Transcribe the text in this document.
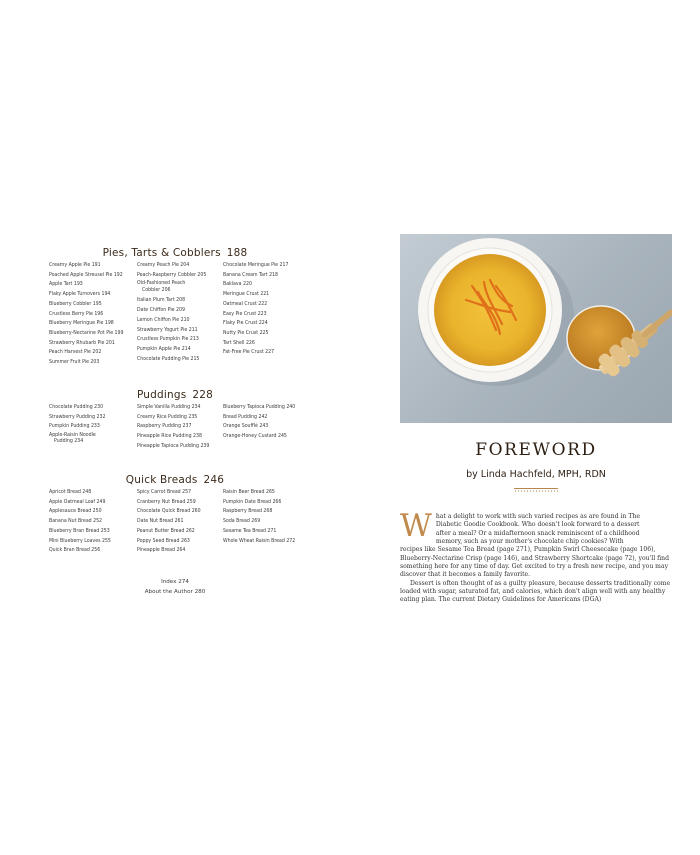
Pies, Tarts & Cobblers 188
Creamy Apple Pie 191
Poached Apple Streusel Pie 192
Apple Tart 193
Flaky Apple Turnovers 194
Blueberry Cobbler 195
Crustless Berry Pie 196
Blueberry Meringue Pie 198
Blueberry-Nectarine Pot Pie 199
Strawberry Rhubarb Pie 201
Peach Harvest Pie 202
Summer Fruit Pie 203
Creamy Peach Pie 204
Peach-Raspberry Cobbler 205
Old-Fashioned Peach
Cobbler 206
Italian Plum Tart 208
Date Chiffon Pie 209
Lemon Chiffon Pie 210
Strawberry Yogurt Pie 211
Crustless Pumpkin Pie 213
Pumpkin Apple Pie 214
Chocolate Pudding Pie 215
Chocolate Meringue Pie 217
Banana Cream Tart 218
Baklava 220
Meringue Crust 221
Oatmeal Crust 222
Easy Pie Crust 223
Flaky Pie Crust 224
Nutty Pie Crust 225
Tart Shell 226
Fat-Free Pie Crust 227
Puddings 228
Chocolate Pudding 230
Strawberry Pudding 232
Pumpkin Pudding 233
Apple-Raisin Noodle
Pudding 234
Simple Vanilla Pudding 234
Creamy Rice Pudding 235
Raspberry Pudding 237
Pineapple Rice Pudding 238
Pineapple Tapioca Pudding 239
Blueberry Tapioca Pudding 240
Bread Pudding 242
Orange Soufflé 243
Orange-Honey Custard 245
Quick Breads 246
Apricot Bread 248
Apple Oatmeal Loaf 249
Applesauce Bread 250
Banana Nut Bread 252
Blueberry Bran Bread 253
Mini Blueberry Loaves 255
Quick Bran Bread 256
Spicy Carrot Bread 257
Cranberry Nut Bread 259
Chocolate Quick Bread 260
Date Nut Bread 261
Peanut Butter Bread 262
Poppy Seed Bread 263
Pineapple Bread 264
Raisin Beer Bread 265
Pumpkin Date Bread 266
Raspberry Bread 268
Soda Bread 269
Sesame Tea Bread 271
Whole Wheat Raisin Bread 272
Index 274
About the Author 280
FOREWORD
by Linda Hachfeld, MPH, RDN

W hat a delight to work with such varied recipes as are found in The
Diabetic Goodie Cookbook. Who doesn't look forward to a dessert
after a meal? Or a midafternoon snack reminiscent of a childhood
memory, such as your mother's chocolate chip cookies? With
recipes like Sesame Tea Bread (page 271), Pumpkin Swirl Cheesecake (page 106), Blueberry-Nectarine Crisp (page 146), and Strawberry Shortcake (page 72), you'll find something here for any time of day. Get excited to try a fresh new recipe, and you may discover that it becomes a family favorite.

Dessert is often thought of as a guilty pleasure, because desserts traditionally come loaded with sugar, saturated fat, and calories, which don't align well with any healthy eating plan. The current Dietary Guidelines for Americans (DGA)
